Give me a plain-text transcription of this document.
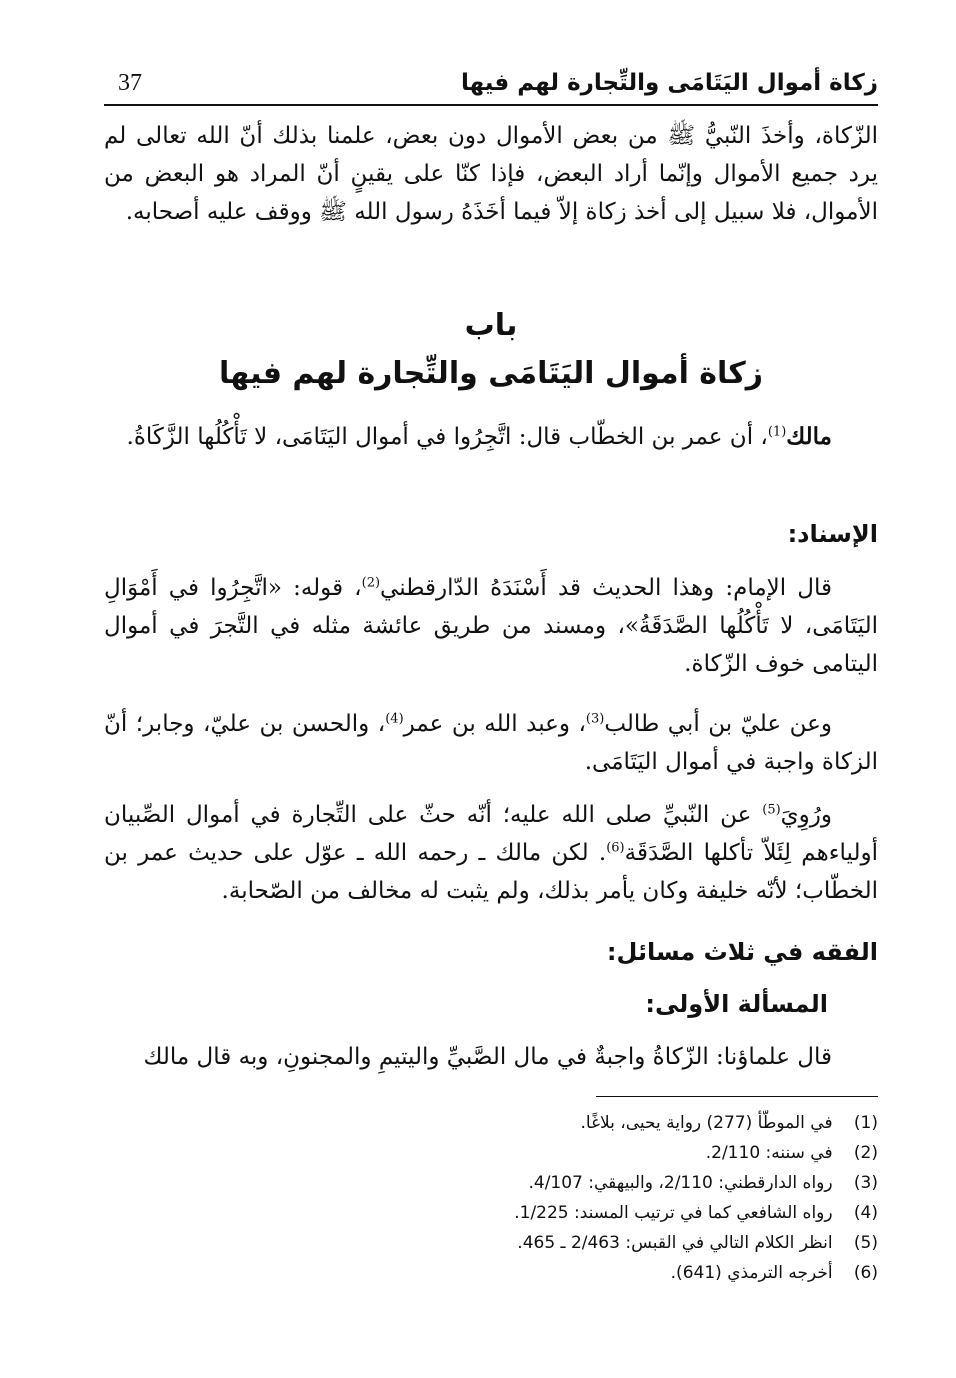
زكاة أموال اليَتَامَى والتِّجارة لهم فيها
37
الزّكاة، وأخذَ النّبيُّ ﷺ من بعض الأموال دون بعض، علمنا بذلك أنّ الله تعالى لم يرد جميع الأموال وإنّما أراد البعض، فإذا كنّا على يقينٍ أنّ المراد هو البعض من الأموال، فلا سبيل إلى أخذ زكاة إلاّ فيما أخَذَهُ رسول الله ﷺ ووقف عليه أصحابه.
باب
زكاة أموال اليَتَامَى والتِّجارة لهم فيها
مالك$^{(1)}$، أن عمر بن الخطّاب قال: اتَّجِرُوا في أموال اليَتَامَى، لا تَأْكُلُها الزَّكَاةُ.
الإسناد:
قال الإمام: وهذا الحديث قد أَسْنَدَهُ الدّارقطني$^{(2)}$، قوله: «اتَّجِرُوا في أَمْوَالِ اليَتَامَى، لا تَأْكُلُها الصَّدَقَةُ»، ومسند من طريق عائشة مثله في التَّجرَ في أموال اليتامى خوف الزّكاة.
وعن عليّ بن أبي طالب$^{(3)}$، وعبد الله بن عمر$^{(4)}$، والحسن بن عليّ، وجابر؛ أنّ الزكاة واجبة في أموال اليَتَامَى.
ورُوِيَ$^{(5)}$ عن النّبيِّ صلى الله عليه؛ أنّه حثّ على التِّجارة في أموال الصِّبيان أولياءهم لِئَلاّ تأكلها الصَّدَقَة$^{(6)}$. لكن مالك ـ رحمه الله ـ عوّل على حديث عمر بن الخطّاب؛ لأنّه خليفة وكان يأمر بذلك، ولم يثبت له مخالف من الصّحابة.
الفقه في ثلاث مسائل:
المسألة الأولى:
قال علماؤنا: الزّكاةُ واجبةٌ في مال الصَّبيِّ واليتيمِ والمجنونِ، وبه قال مالك
(1) في الموطّأ (277) رواية يحيى، بلاغًا.
(2) في سننه: 2/110.
(3) رواه الدارقطني: 2/110، والبيهقي: 4/107.
(4) رواه الشافعي كما في ترتيب المسند: 1/225.
(5) انظر الكلام التالي في القبس: 2/463 ـ 465.
(6) أخرجه الترمذي (641).
